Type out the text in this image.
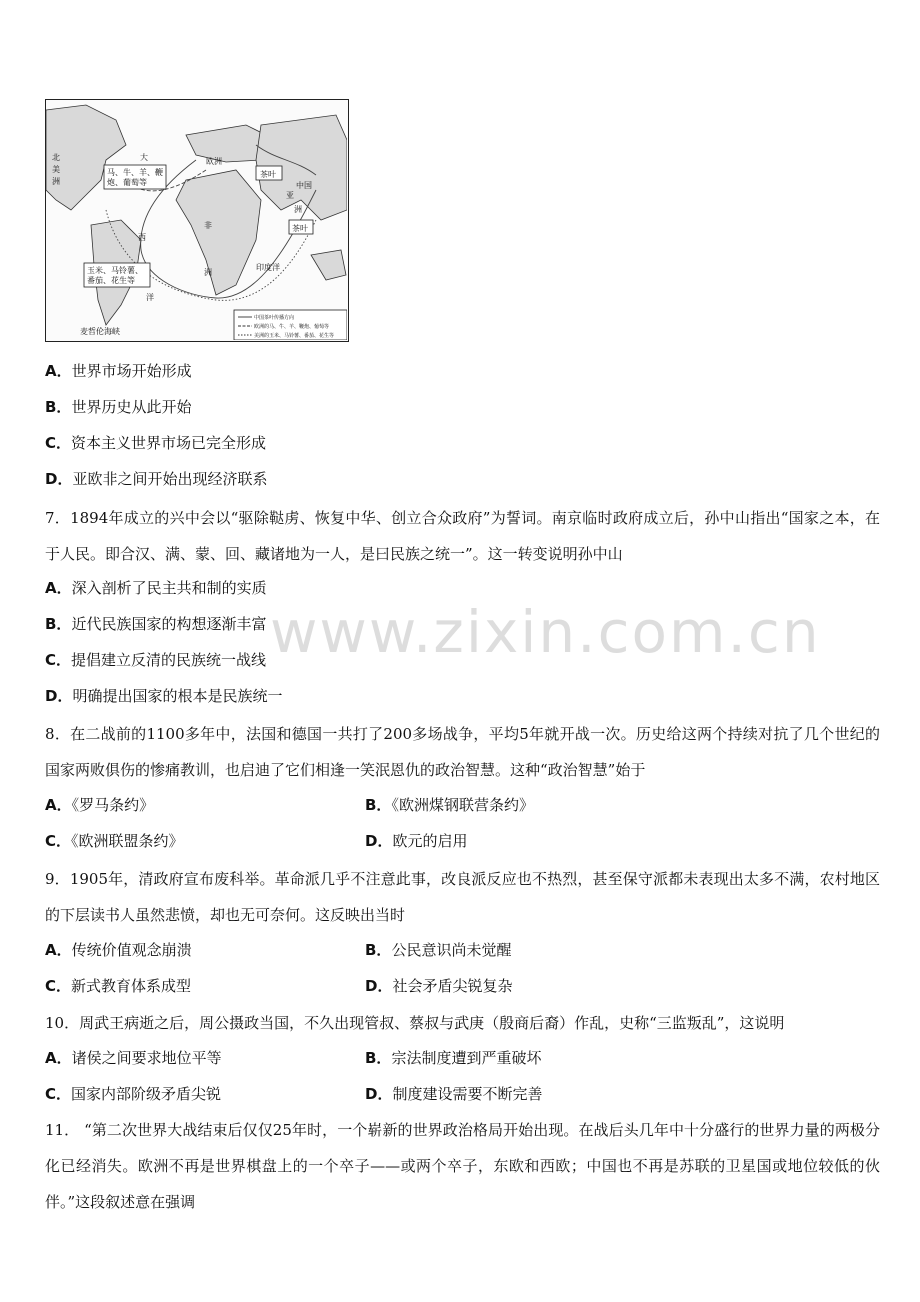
北
美
洲
大
西
洋
欧洲
非
洲
亚
洲
中国
印度洋
麦哲伦海峡
马、牛、羊、鞭
炮、葡萄等
玉米、马铃薯、
番茄、花生等
茶叶
茶叶
中国茶叶传播方向
欧洲的马、牛、羊、鞭炮、葡萄等
美洲的玉米、马铃薯、番茄、花生等
www.zixin.com.cn
A．世界市场开始形成
B．世界历史从此开始
C．资本主义世界市场已完全形成
D．亚欧非之间开始出现经济联系
7．1894年成立的兴中会以“驱除鞑虏、恢复中华、创立合众政府”为誓词。南京临时政府成立后，孙中山指出“国家之本，在于人民。即合汉、满、蒙、回、藏诸地为一人，是曰民族之统一”。这一转变说明孙中山
A．深入剖析了民主共和制的实质
B．近代民族国家的构想逐渐丰富
C．提倡建立反清的民族统一战线
D．明确提出国家的根本是民族统一
8．在二战前的1100多年中，法国和德国一共打了200多场战争，平均5年就开战一次。历史给这两个持续对抗了几个世纪的国家两败俱伤的惨痛教训，也启迪了它们相逢一笑泯恩仇的政治智慧。这种“政治智慧”始于
A．《罗马条约》	B．《欧洲煤钢联营条约》
C．《欧洲联盟条约》	D．欧元的启用
9．1905年，清政府宣布废科举。革命派几乎不注意此事，改良派反应也不热烈，甚至保守派都未表现出太多不满，农村地区的下层读书人虽然悲愤，却也无可奈何。这反映出当时
A．传统价值观念崩溃	B．公民意识尚未觉醒
C．新式教育体系成型	D．社会矛盾尖锐复杂
10．周武王病逝之后，周公摄政当国，不久出现管叔、蔡叔与武庚（殷商后裔）作乱，史称“三监叛乱”，这说明
A．诸侯之间要求地位平等	B．宗法制度遭到严重破坏
C．国家内部阶级矛盾尖锐	D．制度建设需要不断完善
11． “第二次世界大战结束后仅仅25年时，一个崭新的世界政治格局开始出现。在战后头几年中十分盛行的世界力量的两极分化已经消失。欧洲不再是世界棋盘上的一个卒子——或两个卒子，东欧和西欧；中国也不再是苏联的卫星国或地位较低的伙伴。”这段叙述意在强调
